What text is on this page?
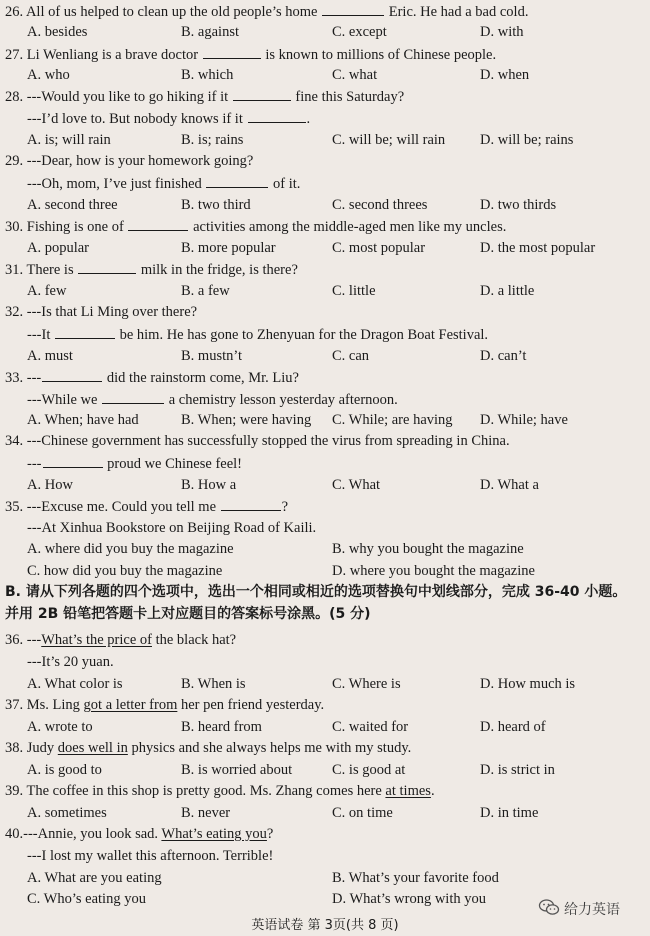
26. All of us helped to clean up the old people’s home	Eric. He had a bad cold.
A. besides	B. against	C. except	D. with
27. Li Wenliang is a brave doctor	is known to millions of Chinese people.
A. who	B. which	C. what	D. when
28. ---Would you like to go hiking if it	fine this Saturday?
---I’d love to. But nobody knows if it	.
A. is; will rain	B. is; rains	C. will be; will rain D. will be; rains
29. ---Dear, how is your homework going?
---Oh, mom, I’ve just finished	of it.
A. second three	B. two third	C. second threes	D. two thirds
30. Fishing is one of	activities among the middle-aged men like my uncles.
A. popular	B. more popular	C. most popular	D. the most popular
31. There is	milk in the fridge, is there?
A. few	B. a few	C. little	D. a little
32. ---Is that Li Ming over there?
---It	be him. He has gone to Zhenyuan for the Dragon Boat Festival.
A. must	B. mustn’t	C. can	D. can’t
33. ---	did the rainstorm come, Mr. Liu?
---While we	a chemistry lesson yesterday afternoon.
A. When; have had	B. When; were having C. While; are having D. While; have
34. ---Chinese government has successfully stopped the virus from spreading in China.
---	proud we Chinese feel!
A. How	B. How a	C. What	D. What a
35. ---Excuse me. Could you tell me	?
---At Xinhua Bookstore on Beijing Road of Kaili.
A. where did you buy the magazine	B. why you bought the magazine
C. how did you buy the magazine	D. where you bought the magazine
B. 请从下列各题的四个选项中，选出一个相同或相近的选项替换句中划线部分，完成 36-40 小题。
并用 2B 铅笔把答题卡上对应题目的答案标号涂黑。(5 分)
36. ---What’s the price of the black hat?
---It’s 20 yuan.
A. What color is	B. When is	C. Where is	D. How much is
37. Ms. Ling got a letter from her pen friend yesterday.
A. wrote to	B. heard from	C. waited for	D. heard of
38. Judy does well in physics and she always helps me with my study.
A. is good to	B. is worried about	C. is good at	D. is strict in
39. The coffee in this shop is pretty good. Ms. Zhang comes here at times.
A. sometimes	B. never	C. on time	D. in time
40.---Annie, you look sad. What’s eating you?
---I lost my wallet this afternoon. Terrible!
A. What are you eating	B. What’s your favorite food
C. Who’s eating you	D. What’s wrong with you
给力英语
英语试卷 第 3页(共 8 页)
